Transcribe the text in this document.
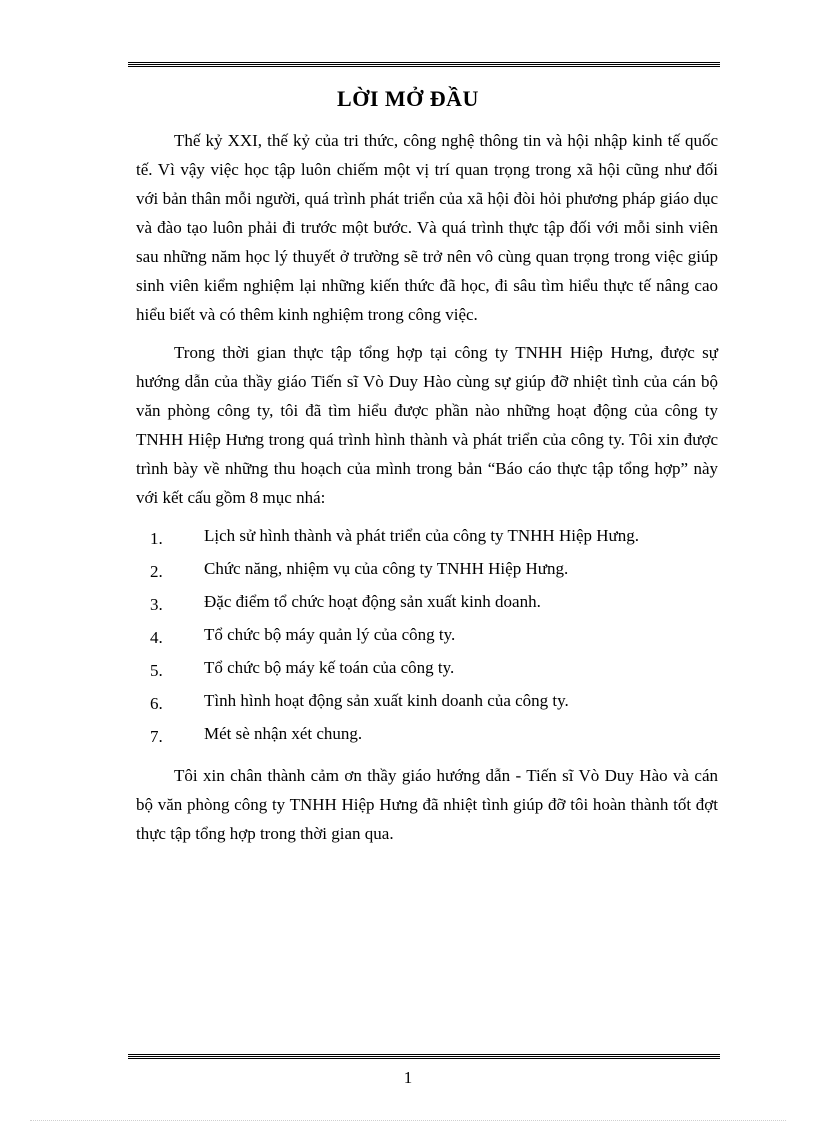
LỜI MỞ ĐẦU

Thế kỷ XXI, thế kỷ của tri thức, công nghệ thông tin và hội nhập kinh tế quốc tế. Vì vậy việc học tập luôn chiếm một vị trí quan trọng trong xã hội cũng như đối với bản thân mỗi người, quá trình phát triển của xã hội đòi hỏi phương pháp giáo dục và đào tạo luôn phải đi trước một bước. Và quá trình thực tập đối với mỗi sinh viên sau những năm học lý thuyết ở trường sẽ trở nên vô cùng quan trọng trong việc giúp sinh viên kiểm nghiệm lại những kiến thức đã học, đi sâu tìm hiểu thực tế nâng cao hiểu biết và có thêm kinh nghiệm trong công việc.

Trong thời gian thực tập tổng hợp tại công ty TNHH Hiệp Hưng, được sự hướng dẫn của thầy giáo Tiến sĩ Vò Duy Hào cùng sự giúp đỡ nhiệt tình của cán bộ văn phòng công ty, tôi đã tìm hiểu được phần nào những hoạt động của công ty TNHH Hiệp Hưng trong quá trình hình thành và phát triển của công ty. Tôi xin được trình bày về những thu hoạch của mình trong bản “Báo cáo thực tập tổng hợp” này với kết cấu gồm 8 mục nhá:

1. Lịch sử hình thành và phát triển của công ty TNHH Hiệp Hưng.
2. Chức năng, nhiệm vụ của công ty TNHH Hiệp Hưng.
3. Đặc điểm tổ chức hoạt động sản xuất kinh doanh.
4. Tổ chức bộ máy quản lý của công ty.
5. Tổ chức bộ máy kế toán của công ty.
6. Tình hình hoạt động sản xuất kinh doanh của công ty.
7. Mét sè nhận xét chung.

Tôi xin chân thành cảm ơn thầy giáo hướng dẫn - Tiến sĩ Vò Duy Hào và cán bộ văn phòng công ty TNHH Hiệp Hưng đã nhiệt tình giúp đỡ tôi hoàn thành tốt đợt thực tập tổng hợp trong thời gian qua.

1
